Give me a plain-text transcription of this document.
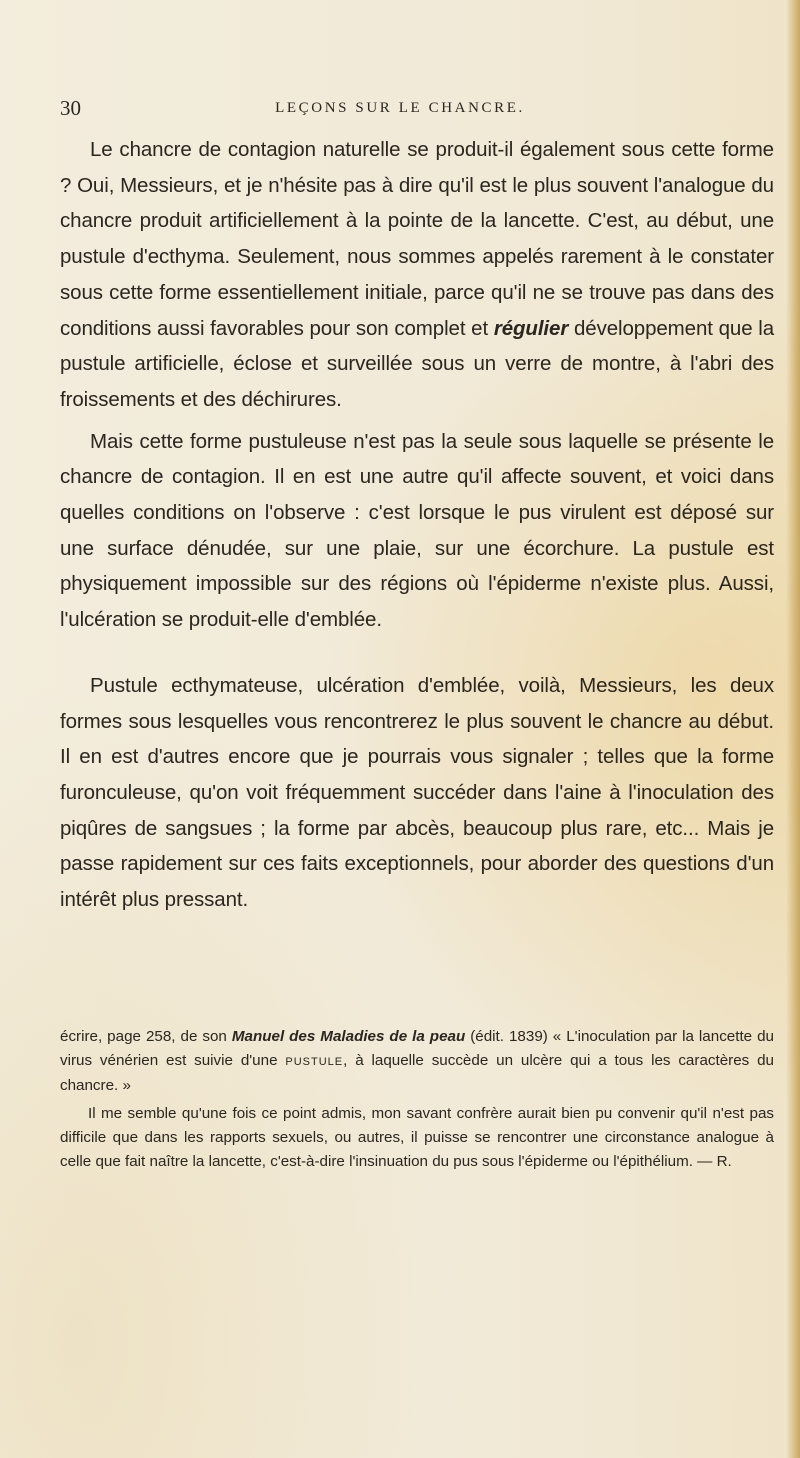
30	LEÇONS SUR LE CHANCRE.

Le chancre de contagion naturelle se produit-il également sous cette forme ? Oui, Messieurs, et je n'hésite pas à dire qu'il est le plus souvent l'analogue du chancre produit artificiellement à la pointe de la lancette. C'est, au début, une pustule d'ecthyma. Seulement, nous sommes appelés rarement à le constater sous cette forme essentiellement initiale, parce qu'il ne se trouve pas dans des conditions aussi favorables pour son complet et régulier développement que la pustule artificielle, éclose et surveillée sous un verre de montre, à l'abri des froissements et des déchirures.

Mais cette forme pustuleuse n'est pas la seule sous laquelle se présente le chancre de contagion. Il en est une autre qu'il affecte souvent, et voici dans quelles conditions on l'observe : c'est lorsque le pus virulent est déposé sur une surface dénudée, sur une plaie, sur une écorchure. La pustule est physiquement impossible sur des régions où l'épiderme n'existe plus. Aussi, l'ulcération se produit-elle d'emblée.

Pustule ecthymateuse, ulcération d'emblée, voilà, Messieurs, les deux formes sous lesquelles vous rencontrerez le plus souvent le chancre au début. Il en est d'autres encore que je pourrais vous signaler ; telles que la forme furonculeuse, qu'on voit fréquemment succéder dans l'aine à l'inoculation des piqûres de sangsues ; la forme par abcès, beaucoup plus rare, etc... Mais je passe rapidement sur ces faits exceptionnels, pour aborder des questions d'un intérêt plus pressant.

écrire, page 258, de son Manuel des Maladies de la peau (édit. 1839) « L'inoculation par la lancette du virus vénérien est suivie d'une PUSTULE, à laquelle succède un ulcère qui a tous les caractères du chancre. »

Il me semble qu'une fois ce point admis, mon savant confrère aurait bien pu convenir qu'il n'est pas difficile que dans les rapports sexuels, ou autres, il puisse se rencontrer une circonstance analogue à celle que fait naître la lancette, c'est-à-dire l'insinuation du pus sous l'épiderme ou l'épithélium. — R.
